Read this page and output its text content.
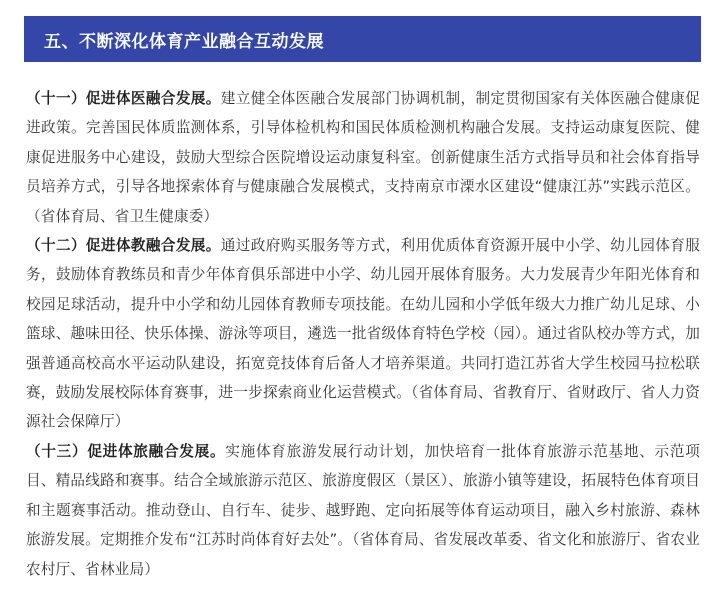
五、不断深化体育产业融合互动发展

（十一）促进体医融合发展。建立健全体医融合发展部门协调机制，制定贯彻国家有关体医融合健康促进政策。完善国民体质监测体系，引导体检机构和国民体质检测机构融合发展。支持运动康复医院、健康促进服务中心建设，鼓励大型综合医院增设运动康复科室。创新健康生活方式指导员和社会体育指导员培养方式，引导各地探索体育与健康融合发展模式，支持南京市溧水区建设“健康江苏”实践示范区。（省体育局、省卫生健康委）

（十二）促进体教融合发展。通过政府购买服务等方式，利用优质体育资源开展中小学、幼儿园体育服务，鼓励体育教练员和青少年体育俱乐部进中小学、幼儿园开展体育服务。大力发展青少年阳光体育和校园足球活动，提升中小学和幼儿园体育教师专项技能。在幼儿园和小学低年级大力推广幼儿足球、小篮球、趣味田径、快乐体操、游泳等项目，遴选一批省级体育特色学校（园）。通过省队校办等方式，加强普通高校高水平运动队建设，拓宽竞技体育后备人才培养渠道。共同打造江苏省大学生校园马拉松联赛，鼓励发展校际体育赛事，进一步探索商业化运营模式。（省体育局、省教育厅、省财政厅、省人力资源社会保障厅）

（十三）促进体旅融合发展。实施体育旅游发展行动计划，加快培育一批体育旅游示范基地、示范项目、精品线路和赛事。结合全域旅游示范区、旅游度假区（景区）、旅游小镇等建设，拓展特色体育项目和主题赛事活动。推动登山、自行车、徒步、越野跑、定向拓展等体育运动项目，融入乡村旅游、森林旅游发展。定期推介发布“江苏时尚体育好去处”。（省体育局、省发展改革委、省文化和旅游厅、省农业农村厅、省林业局）
